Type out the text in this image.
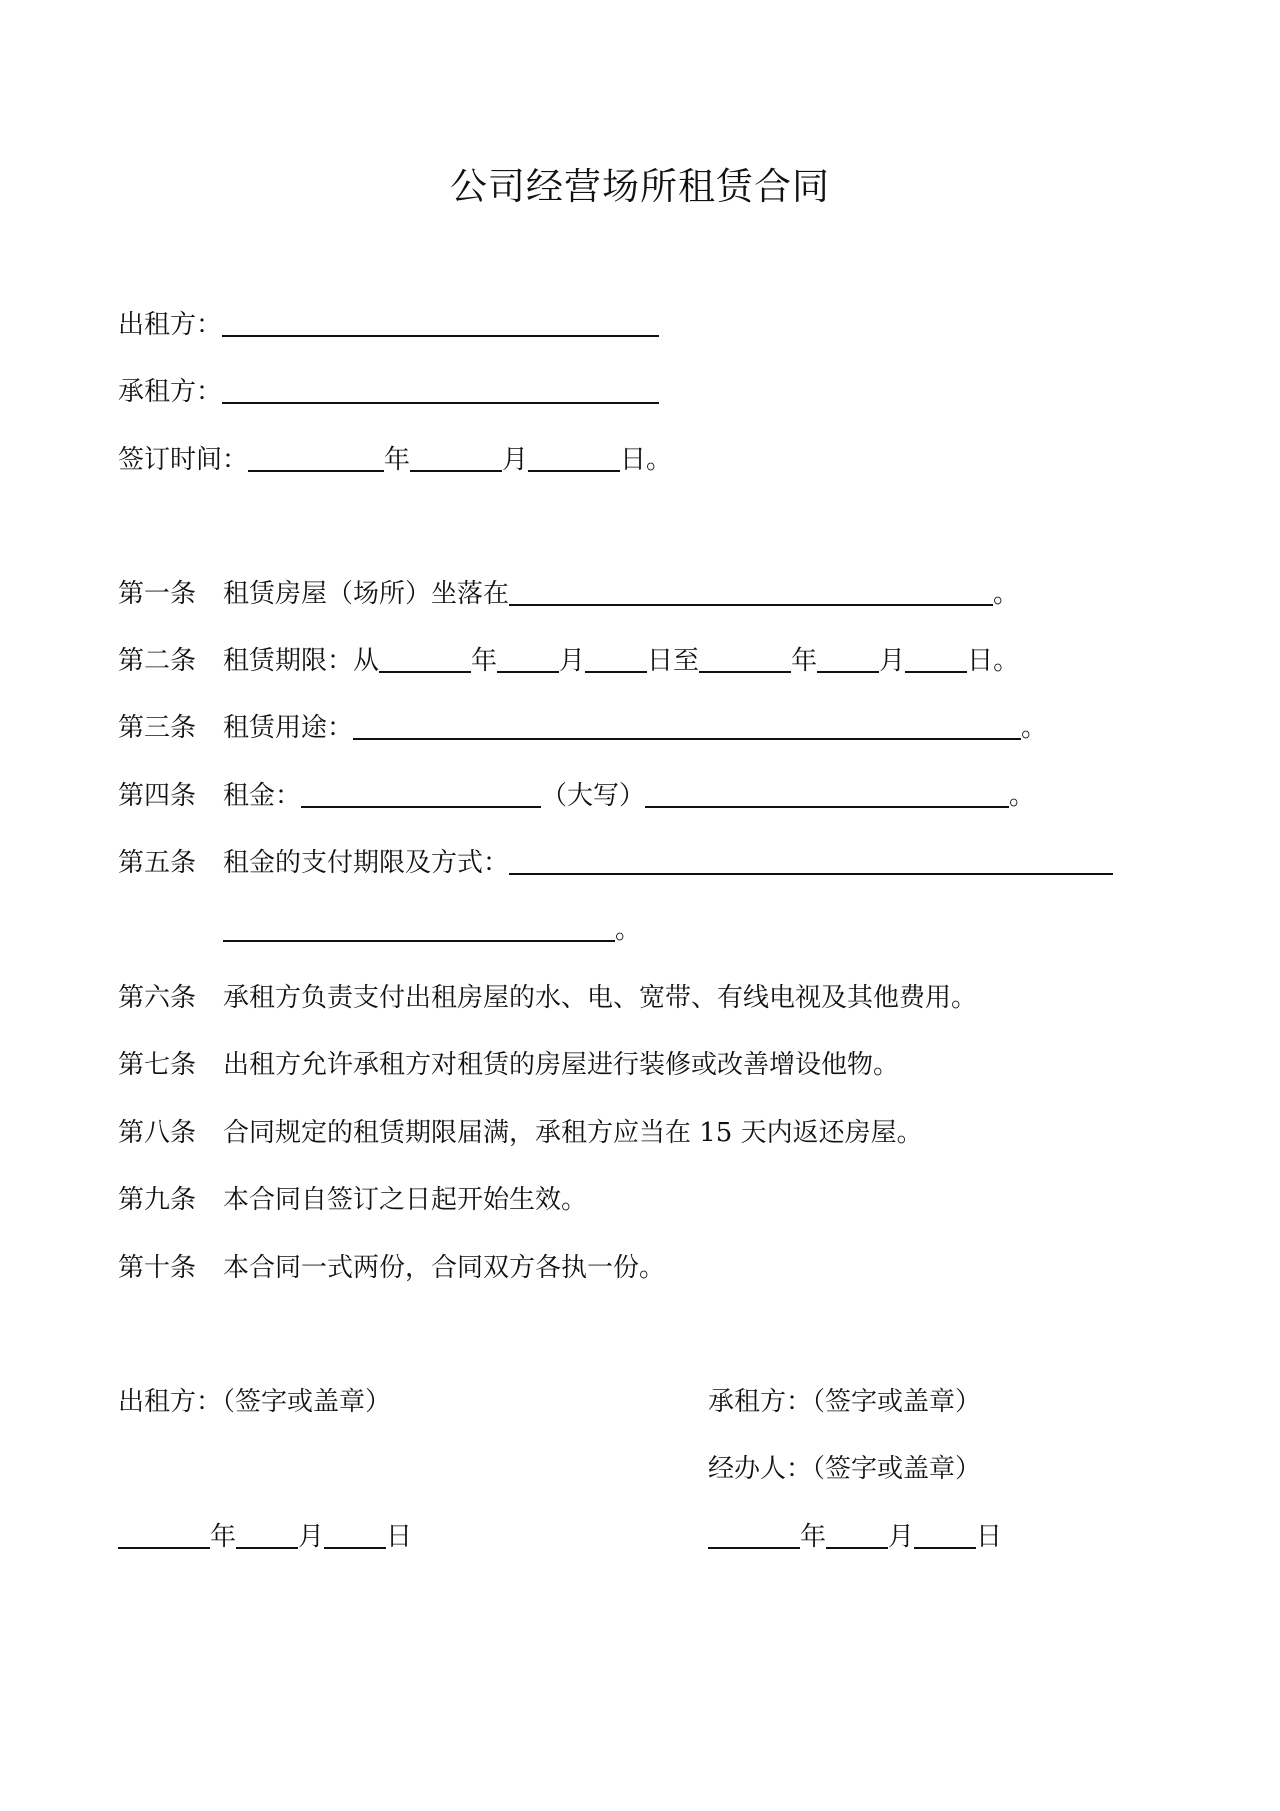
公司经营场所租赁合同
出租方：
承租方：
签订时间：	年	月	日。
第一条 租赁房屋（场所）坐落在	。
第二条 租赁期限：从	年 月 日至	年 月 日。
第三条 租赁用途：	。
第四条 租金：	（大写）	。
第五条 租金的支付期限及方式：
。
第六条 承租方负责支付出租房屋的水、电、宽带、有线电视及其他费用。
第七条 出租方允许承租方对租赁的房屋进行装修或改善增设他物。
第八条 合同规定的租赁期限届满，承租方应当在 15 天内返还房屋。
第九条 本合同自签订之日起开始生效。
第十条 本合同一式两份，合同双方各执一份。
出租方：（签字或盖章）	承租方：（签字或盖章）
经办人：（签字或盖章）
年 月 日	年 月 日
